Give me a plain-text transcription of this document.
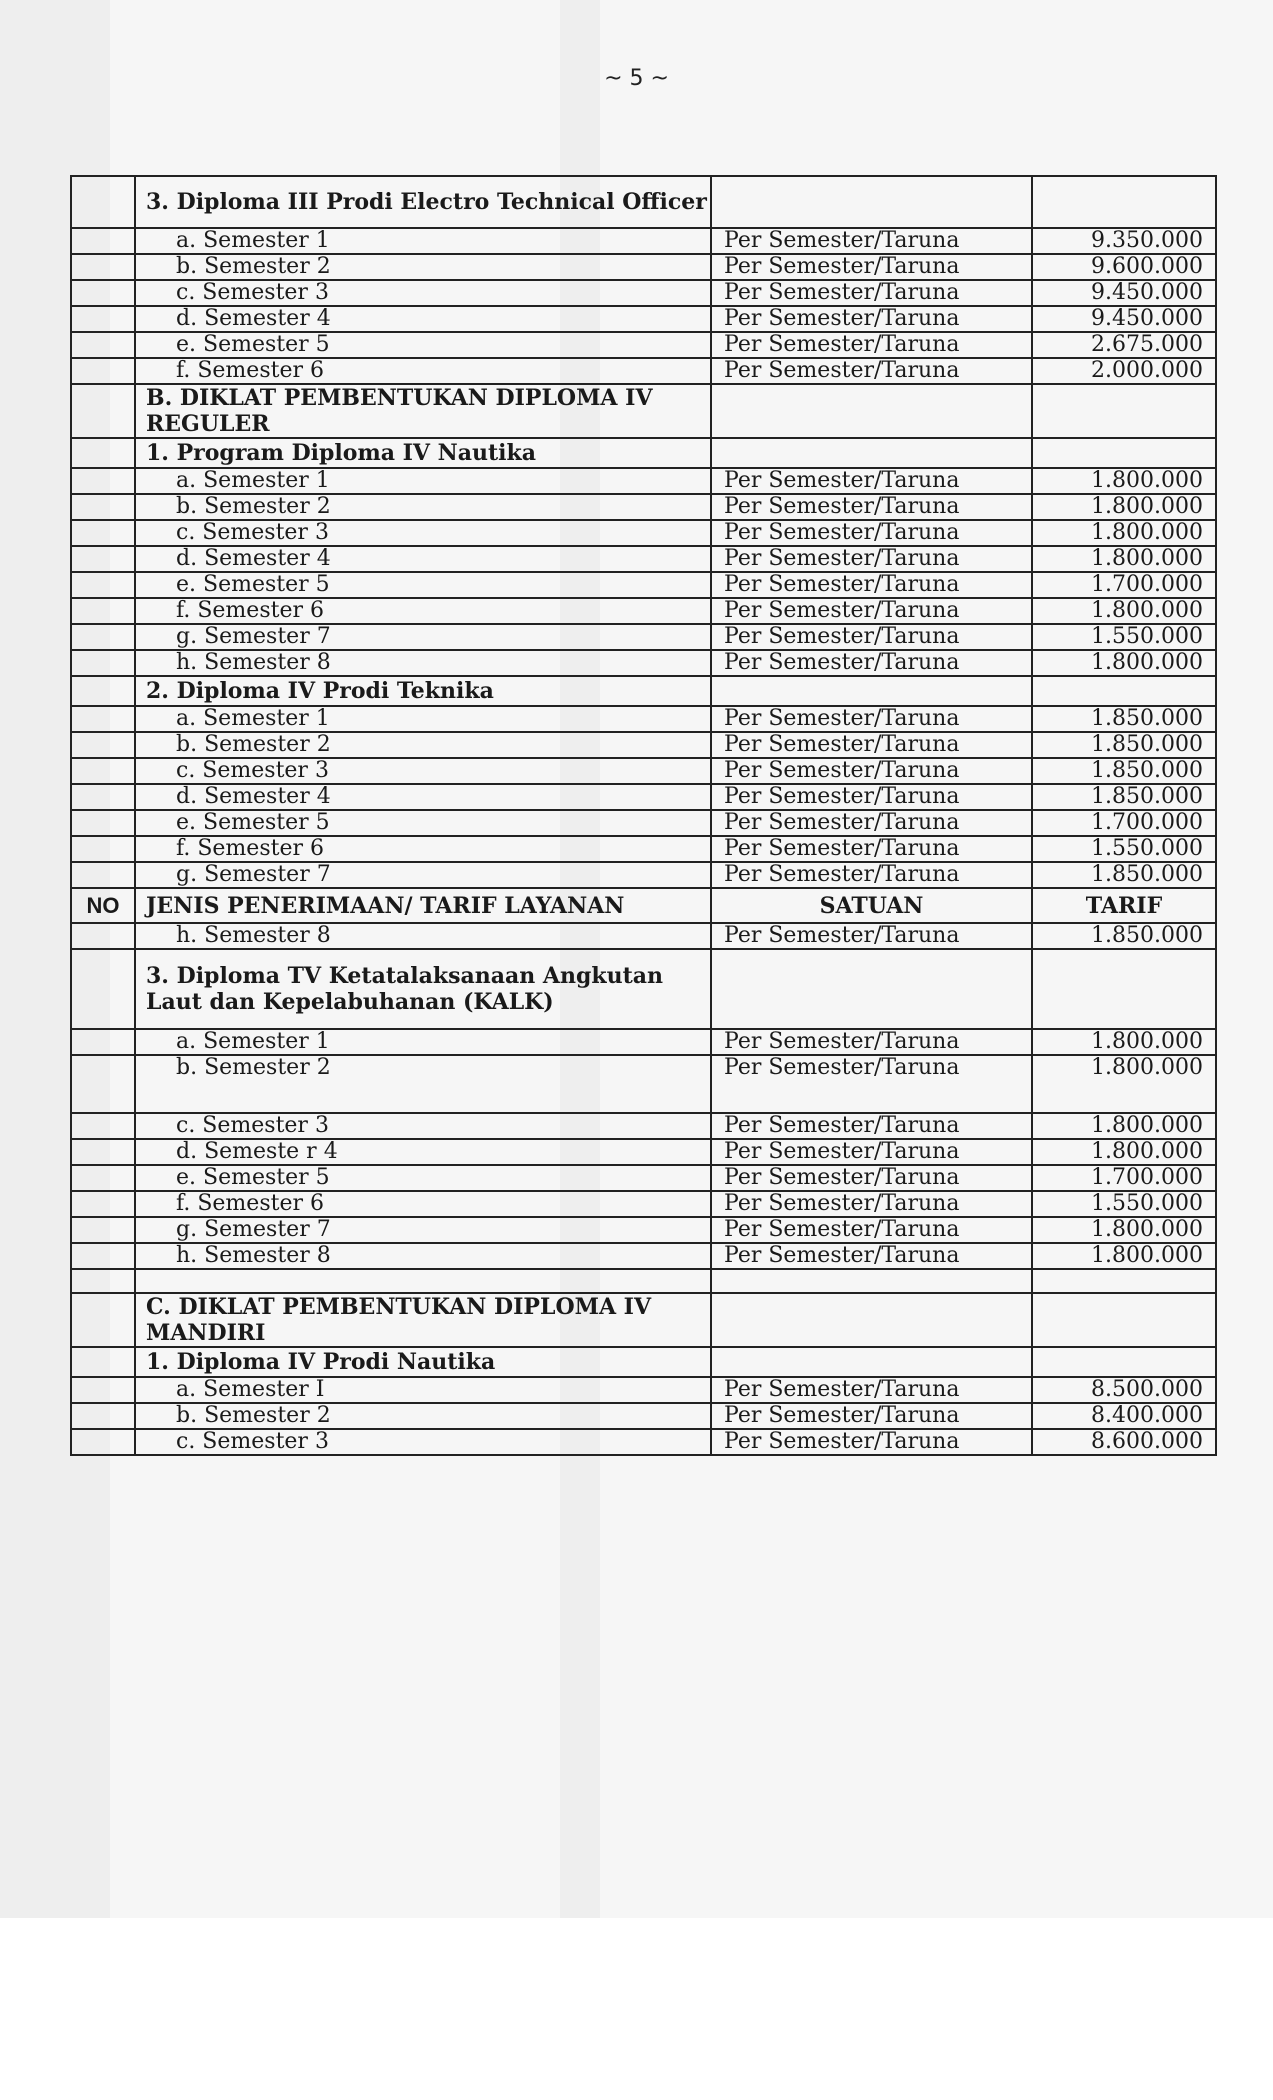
~ 5 ~
	3. Diploma III Prodi Electro Technical Officer		
	a. Semester 1	Per Semester/Taruna	9.350.000
	b. Semester 2	Per Semester/Taruna	9.600.000
	c. Semester 3	Per Semester/Taruna	9.450.000
	d. Semester 4	Per Semester/Taruna	9.450.000
	e. Semester 5	Per Semester/Taruna	2.675.000
	f. Semester 6	Per Semester/Taruna	2.000.000
	B. DIKLAT PEMBENTUKAN DIPLOMA IV REGULER		
	1. Program Diploma IV Nautika		
	a. Semester 1	Per Semester/Taruna	1.800.000
	b. Semester 2	Per Semester/Taruna	1.800.000
	c. Semester 3	Per Semester/Taruna	1.800.000
	d. Semester 4	Per Semester/Taruna	1.800.000
	e. Semester 5	Per Semester/Taruna	1.700.000
	f. Semester 6	Per Semester/Taruna	1.800.000
	g. Semester 7	Per Semester/Taruna	1.550.000
	h. Semester 8	Per Semester/Taruna	1.800.000
	2. Diploma IV Prodi Teknika		
	a. Semester 1	Per Semester/Taruna	1.850.000
	b. Semester 2	Per Semester/Taruna	1.850.000
	c. Semester 3	Per Semester/Taruna	1.850.000
	d. Semester 4	Per Semester/Taruna	1.850.000
	e. Semester 5	Per Semester/Taruna	1.700.000
	f. Semester 6	Per Semester/Taruna	1.550.000
	g. Semester 7	Per Semester/Taruna	1.850.000
NO	JENIS PENERIMAAN/ TARIF LAYANAN	SATUAN	TARIF
	h. Semester 8	Per Semester/Taruna	1.850.000
	3. Diploma TV Ketatalaksanaan Angkutan Laut dan Kepelabuhanan (KALK)		
	a. Semester 1	Per Semester/Taruna	1.800.000
	b. Semester 2	Per Semester/Taruna	1.800.000
	c. Semester 3	Per Semester/Taruna	1.800.000
	d. Semeste r 4	Per Semester/Taruna	1.800.000
	e. Semester 5	Per Semester/Taruna	1.700.000
	f. Semester 6	Per Semester/Taruna	1.550.000
	g. Semester 7	Per Semester/Taruna	1.800.000
	h. Semester 8	Per Semester/Taruna	1.800.000

	C. DIKLAT PEMBENTUKAN DIPLOMA IV MANDIRI		
	1. Diploma IV Prodi Nautika		
	a. Semester I	Per Semester/Taruna	8.500.000
	b. Semester 2	Per Semester/Taruna	8.400.000
	c. Semester 3	Per Semester/Taruna	8.600.000
